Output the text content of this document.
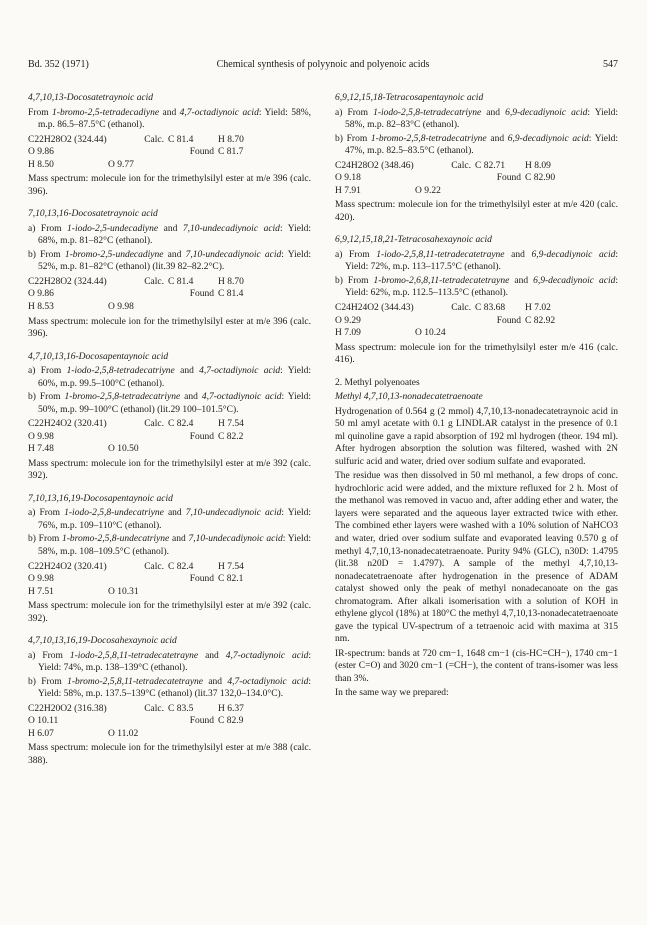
Bd. 352 (1971)	Chemical synthesis of polyynoic and polyenoic acids	547
4,7,10,13-Docosatetraynoic acid
From 1-bromo-2,5-tetradecadiyne and 4,7-octadiynoic acid: Yield: 58%, m.p. 86.5–87.5°C (ethanol).
C22H28O2 (324.44)	Calc. C 81.4	H 8.70
O 9.86	Found C 81.7
H 8.50	O 9.77
Mass spectrum: molecule ion for the trimethylsilyl ester at m/e 396 (calc. 396).
7,10,13,16-Docosatetraynoic acid
a) From 1-iodo-2,5-undecadiyne and 7,10-undecadiynoic acid: Yield: 68%, m.p. 81–82°C (ethanol).
b) From 1-bromo-2,5-undecadiyne and 7,10-undecadiynoic acid: Yield: 52%, m.p. 81–82°C (ethanol) (lit.39 82–82.2°C).
C22H28O2 (324.44)	Calc. C 81.4	H 8.70
O 9.86	Found C 81.4
H 8.53	O 9.98
Mass spectrum: molecule ion for the trimethylsilyl ester at m/e 396 (calc. 396).
4,7,10,13,16-Docosapentaynoic acid
a) From 1-iodo-2,5,8-tetradecatriyne and 4,7-octadiynoic acid: Yield: 60%, m.p. 99.5–100°C (ethanol).
b) From 1-bromo-2,5,8-tetradecatriyne and 4,7-octadiynoic acid: Yield: 50%, m.p. 99–100°C (ethanol) (lit.29 100–101.5°C).
C22H24O2 (320.41)	Calc. C 82.4	H 7.54
O 9.98	Found C 82.2
H 7.48	O 10.50
Mass spectrum: molecule ion for the trimethylsilyl ester at m/e 392 (calc. 392).
7,10,13,16,19-Docosapentaynoic acid
a) From 1-iodo-2,5,8-undecatriyne and 7,10-undecadiynoic acid: Yield: 76%, m.p. 109–110°C (ethanol).
b) From 1-bromo-2,5,8-undecatriyne and 7,10-undecadiynoic acid: Yield: 58%, m.p. 108–109.5°C (ethanol).
C22H24O2 (320.41)	Calc. C 82.4	H 7.54
O 9.98	Found C 82.1
H 7.51	O 10.31
Mass spectrum: molecule ion for the trimethylsilyl ester at m/e 392 (calc. 392).
4,7,10,13,16,19-Docosahexaynoic acid
a) From 1-iodo-2,5,8,11-tetradecatetrayne and 4,7-octadiynoic acid: Yield: 74%, m.p. 138–139°C (ethanol).
b) From 1-bromo-2,5,8,11-tetradecatetrayne and 4,7-octadiynoic acid: Yield: 58%, m.p. 137.5–139°C (ethanol) (lit.37 132,0–134.0°C).
C22H20O2 (316.38)	Calc. C 83.5	H 6.37
O 10.11	Found C 82.9
H 6.07	O 11.02
Mass spectrum: molecule ion for the trimethylsilyl ester at m/e 388 (calc. 388).
6,9,12,15,18-Tetracosapentaynoic acid
a) From 1-iodo-2,5,8-tetradecatriyne and 6,9-decadiynoic acid: Yield: 58%, m.p. 82–83°C (ethanol).
b) From 1-bromo-2,5,8-tetradecatriyne and 6,9-decadiynoic acid: Yield: 47%, m.p. 82.5–83.5°C (ethanol).
C24H28O2 (348.46)	Calc. C 82.71	H 8.09
O 9.18	Found C 82.90
H 7.91	O 9.22
Mass spectrum: molecule ion for the trimethylsilyl ester at m/e 420 (calc. 420).
6,9,12,15,18,21-Tetracosahexaynoic acid
a) From 1-iodo-2,5,8,11-tetradecatetrayne and 6,9-decadiynoic acid: Yield: 72%, m.p. 113–117.5°C (ethanol).
b) From 1-bromo-2,6,8,11-tetradecatetrayne and 6,9-decadiynoic acid: Yield: 62%, m.p. 112.5–113.5°C (ethanol).
C24H24O2 (344.43)	Calc. C 83.68	H 7.02
O 9.29	Found C 82.92
H 7.09	O 10.24
Mass spectrum: molecule ion for the trimethylsilyl ester m/e 416 (calc. 416).
2. Methyl polyenoates
Methyl 4,7,10,13-nonadecatetraenoate
Hydrogenation of 0.564 g (2 mmol) 4,7,10,13-nonadecatetraynoic acid in 50 ml amyl acetate with 0.1 g LINDLAR catalyst in the presence of 0.1 ml quinoline gave a rapid absorption of 192 ml hydrogen (theor. 194 ml). After hydrogen absorption the solution was filtered, washed with 2N sulfuric acid and water, dried over sodium sulfate and evaporated.
The residue was then dissolved in 50 ml methanol, a few drops of conc. hydrochloric acid were added, and the mixture refluxed for 2 h. Most of the methanol was removed in vacuo and, after adding ether and water, the layers were separated and the aqueous layer extracted twice with ether. The combined ether layers were washed with a 10% solution of NaHCO3 and water, dried over sodium sulfate and evaporated leaving 0.570 g of methyl 4,7,10,13-nonadecatetraenoate. Purity 94% (GLC), n30D: 1.4795 (lit.38 n20D = 1.4797). A sample of the methyl 4,7,10,13-nonadecatetraenoate after hydrogenation in the presence of ADAM catalyst showed only the peak of methyl nonadecanoate on the gas chromatogram. After alkali isomerisation with a solution of KOH in ethylene glycol (18%) at 180°C the methyl 4,7,10,13-nonadecatetraenoate gave the typical UV-spectrum of a tetraenoic acid with maxima at 315 nm.
IR-spectrum: bands at 720 cm−1, 1648 cm−1 (cis-HC=CH−), 1740 cm−1 (ester C=O) and 3020 cm−1 (=CH−), the content of trans-isomer was less than 3%.
In the same way we prepared:
